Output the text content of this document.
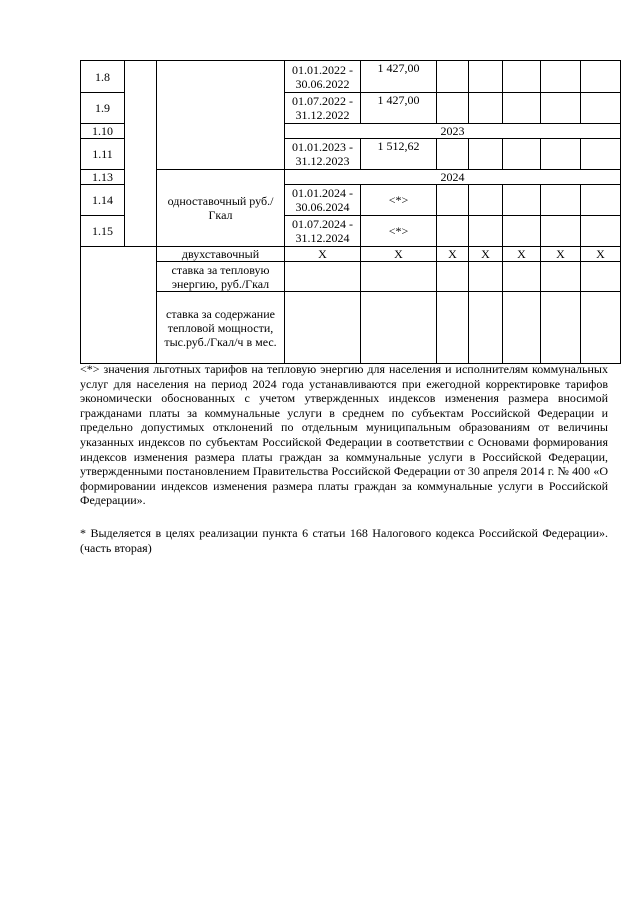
1.8			01.01.2022 - 30.06.2022	1 427,00					
1.9			01.07.2022 - 31.12.2022	1 427,00					
1.10			2023						
1.11			01.01.2023 - 31.12.2023	1 512,62					
1.13		одноставочный руб./Гкал	2024						
1.14			01.01.2024 - 30.06.2024	<*>					
1.15			01.07.2024 - 31.12.2024	<*>					
		двухставочный	X	X	X	X	X	X	X
		ставка за тепловую энергию, руб./Гкал							
		ставка за содержание тепловой мощности, тыс.руб./Гкал/ч в мес.							

<*> значения льготных тарифов на тепловую энергию для населения и исполнителям коммунальных услуг для населения на период 2024 года устанавливаются при ежегодной корректировке тарифов экономически обоснованных с учетом утвержденных индексов изменения размера вносимой гражданами платы за коммунальные услуги в среднем по субъектам Российской Федерации и предельно допустимых отклонений по отдельным муниципальным образованиям от величины указанных индексов по субъектам Российской Федерации в соответствии с Основами формирования индексов изменения размера платы граждан за коммунальные услуги в Российской Федерации, утвержденными постановлением Правительства Российской Федерации от 30 апреля 2014 г. № 400 «О формировании индексов изменения размера платы граждан за коммунальные услуги в Российской Федерации».

».
* Выделяется в целях реализации пункта 6 статьи 168 Налогового кодекса Российской Федерации (часть вторая)
